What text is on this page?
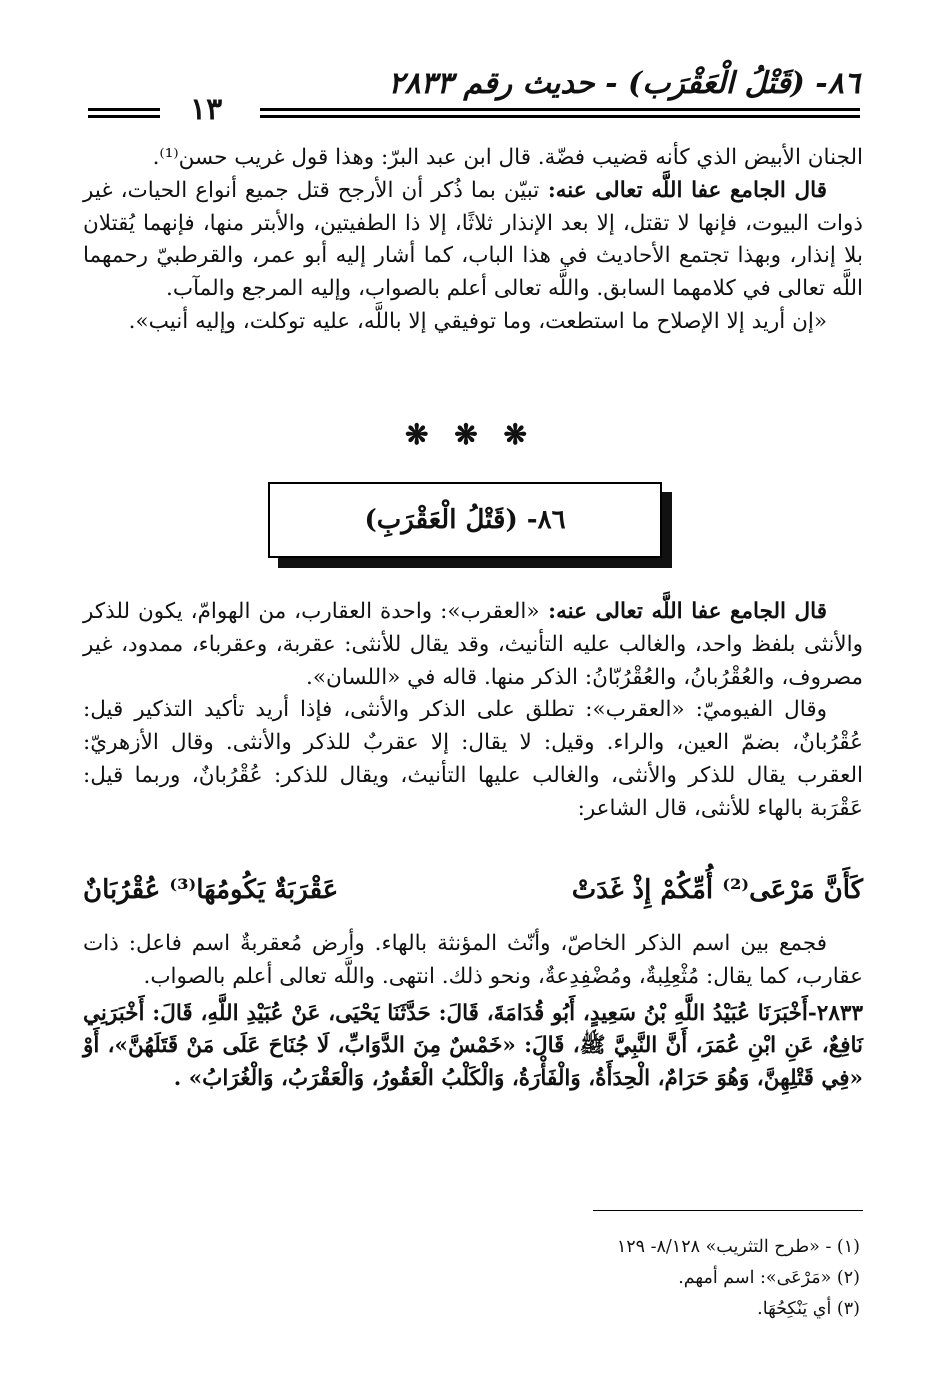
٨٦- (قَتْلُ الْعَقْرَب) - حديث رقم ٢٨٣٣
١٣

الجنان الأبيض الذي كأنه قضيب فضّة. قال ابن عبد البرّ: وهذا قول غريب حسن⁽¹⁾.

قال الجامع عفا اللَّه تعالى عنه: تبيّن بما ذُكر أن الأرجح قتل جميع أنواع الحيات، غير ذوات البيوت، فإنها لا تقتل، إلا بعد الإنذار ثلاثًا، إلا ذا الطفيتين، والأبتر منها، فإنهما يُقتلان بلا إنذار، وبهذا تجتمع الأحاديث في هذا الباب، كما أشار إليه أبو عمر، والقرطبيّ رحمهما اللَّه تعالى في كلامهما السابق. واللَّه تعالى أعلم بالصواب، وإليه المرجع والمآب.

«إن أريد إلا الإصلاح ما استطعت، وما توفيقي إلا باللَّه، عليه توكلت، وإليه أنيب».

❋ ❋ ❋
٨٦- (قَتْلُ الْعَقْرَبِ)

قال الجامع عفا اللَّه تعالى عنه: «العقرب»: واحدة العقارب، من الهوامّ، يكون للذكر والأنثى بلفظ واحد، والغالب عليه التأنيث، وقد يقال للأنثى: عقربة، وعقرباء، ممدود، غير مصروف، والعُقْرُبانُ، والعُقْرُبّانُ: الذكر منها. قاله في «اللسان».

وقال الفيوميّ: «العقرب»: تطلق على الذكر والأنثى، فإذا أريد تأكيد التذكير قيل: عُقْرُبانٌ، بضمّ العين، والراء. وقيل: لا يقال: إلا عقربٌ للذكر والأنثى. وقال الأزهريّ: العقرب يقال للذكر والأنثى، والغالب عليها التأنيث، ويقال للذكر: عُقْرُبانٌ، وربما قيل: عَقْرَبة بالهاء للأنثى، قال الشاعر:

كَأَنَّ مَرْعَى⁽²⁾ أُمِّكُمْ إِذْ غَدَتْ
عَقْرَبَةٌ يَكُومُهَا⁽³⁾ عُقْرُبَانٌ

فجمع بين اسم الذكر الخاصّ، وأنّث المؤنثة بالهاء. وأرض مُعقربةٌ اسم فاعل: ذات عقارب، كما يقال: مُثْعِلِبةٌ، ومُضْفِدِعةٌ، ونحو ذلك. انتهى. واللَّه تعالى أعلم بالصواب.

٢٨٣٣-أَخْبَرَنَا عُبَيْدُ اللَّهِ بْنُ سَعِيدٍ، أَبُو قُدَامَةَ، قَالَ: حَدَّثَنَا يَحْيَى، عَنْ عُبَيْدِ اللَّهِ، قَالَ: أَخْبَرَنِي نَافِعٌ، عَنِ ابْنِ عُمَرَ، أَنَّ النَّبِيَّ ﷺ، قَالَ: «خَمْسٌ مِنَ الدَّوَابِّ، لَا جُنَاحَ عَلَى مَنْ قَتَلَهُنَّ»، أَوْ «فِي قَتْلِهِنَّ، وَهُوَ حَرَامٌ، الْحِدَأَةُ، وَالْفَأْرَةُ، وَالْكَلْبُ الْعَقُورُ، وَالْعَقْرَبُ، وَالْغُرَابُ» .

(١) - «طرح التثريب» ٨/١٢٨- ١٢٩
(٢) «مَرْعَى»: اسم أمهم.
(٣) أي يَنْكِحُهَا.
